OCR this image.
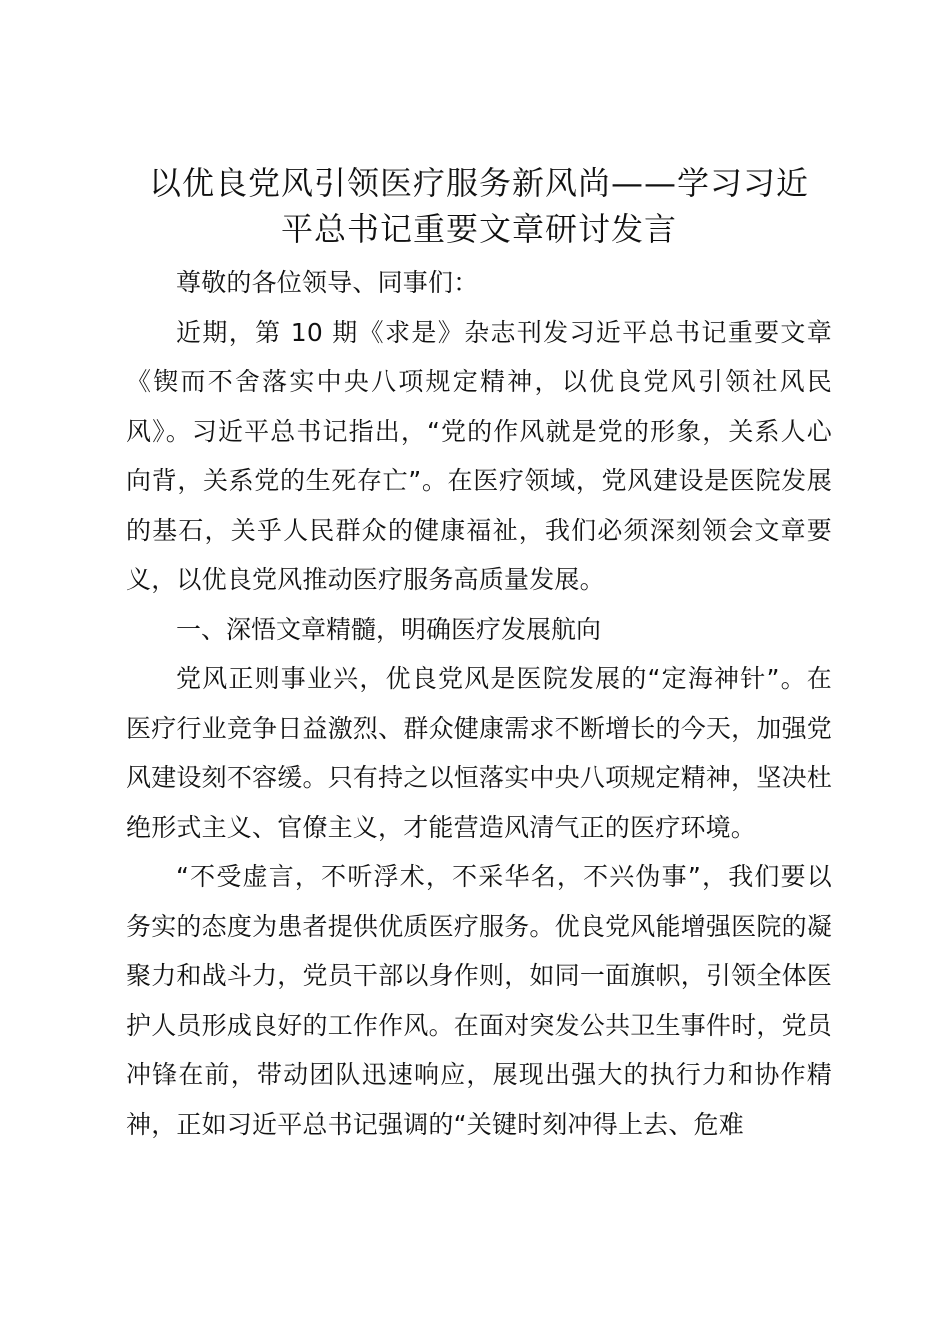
以优良党风引领医疗服务新风尚——学习习近
平总书记重要文章研讨发言

尊敬的各位领导、同事们：

近期，第 10 期《求是》杂志刊发习近平总书记重要文章《锲而不舍落实中央八项规定精神，以优良党风引领社风民风》。习近平总书记指出，“党的作风就是党的形象，关系人心向背，关系党的生死存亡”。在医疗领域，党风建设是医院发展的基石，关乎人民群众的健康福祉，我们必须深刻领会文章要义，以优良党风推动医疗服务高质量发展。

一、深悟文章精髓，明确医疗发展航向

党风正则事业兴，优良党风是医院发展的“定海神针”。在医疗行业竞争日益激烈、群众健康需求不断增长的今天，加强党风建设刻不容缓。只有持之以恒落实中央八项规定精神，坚决杜绝形式主义、官僚主义，才能营造风清气正的医疗环境。

“不受虚言，不听浮术，不采华名，不兴伪事”，我们要以务实的态度为患者提供优质医疗服务。优良党风能增强医院的凝聚力和战斗力，党员干部以身作则，如同一面旗帜，引领全体医护人员形成良好的工作作风。在面对突发公共卫生事件时，党员冲锋在前，带动团队迅速响应，展现出强大的执行力和协作精神，正如习近平总书记强调的“关键时刻冲得上去、危难
